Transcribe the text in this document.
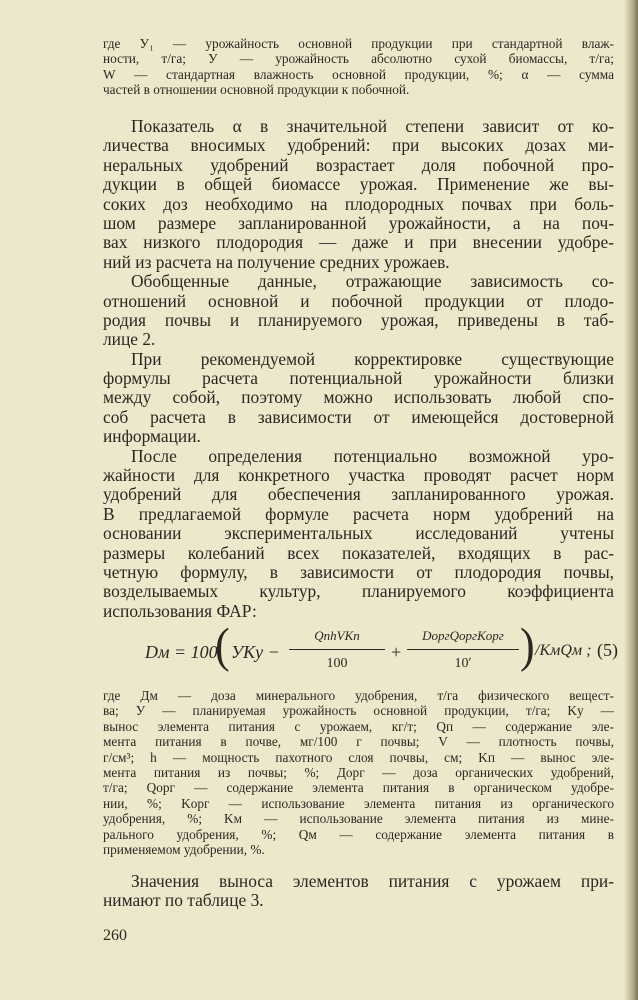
где У₁ — урожайность основной продукции при стандартной влаж-
ности, т/га; У — урожайность абсолютно сухой биомассы, т/га;
W — стандартная влажность основной продукции, %; α — сумма
частей в отношении основной продукции к побочной.
Показатель α в значительной степени зависит от ко-
личества вносимых удобрений: при высоких дозах ми-
неральных удобрений возрастает доля побочной про-
дукции в общей биомассе урожая. Применение же вы-
соких доз необходимо на плодородных почвах при боль-
шом размере запланированной урожайности, а на поч-
вах низкого плодородия — даже и при внесении удобре-
ний из расчета на получение средних урожаев.
Обобщенные данные, отражающие зависимость со-
отношений основной и побочной продукции от плодо-
родия почвы и планируемого урожая, приведены в таб-
лице 2.
При рекомендуемой корректировке существующие
формулы расчета потенциальной урожайности близки
между собой, поэтому можно использовать любой спо-
соб расчета в зависимости от имеющейся достоверной
информации.
После определения потенциально возможной уро-
жайности для конкретного участка проводят расчет норм
удобрений для обеспечения запланированного урожая.
В предлагаемой формуле расчета норм удобрений на
основании экспериментальных исследований учтены
размеры колебаний всех показателей, входящих в рас-
четную формулу, в зависимости от плодородия почвы,
возделываемых культур, планируемого коэффициента
использования ФАР:
Dм = 100
( УKу −
QпhVKп
100
+
DоргQоргKорг
10ʹ	) /KмQм ; (5)
где Дм — доза минерального удобрения, т/га физического вещест-
ва; У — планируемая урожайность основной продукции, т/га; Kу —
вынос элемента питания с урожаем, кг/т; Qп — содержание эле-
мента питания в почве, мг/100 г почвы; V — плотность почвы,
г/см³; h — мощность пахотного слоя почвы, см; Kп — вынос эле-
мента питания из почвы; %; Дорг — доза органических удобрений,
т/га; Qорг — содержание элемента питания в органическом удобре-
нии, %; Kорг — использование элемента питания из органического
удобрения, %; Kм — использование элемента питания из мине-
рального удобрения, %; Qм — содержание элемента питания в
применяемом удобрении, %.
Значения выноса элементов питания с урожаем при-
нимают по таблице 3.
260
